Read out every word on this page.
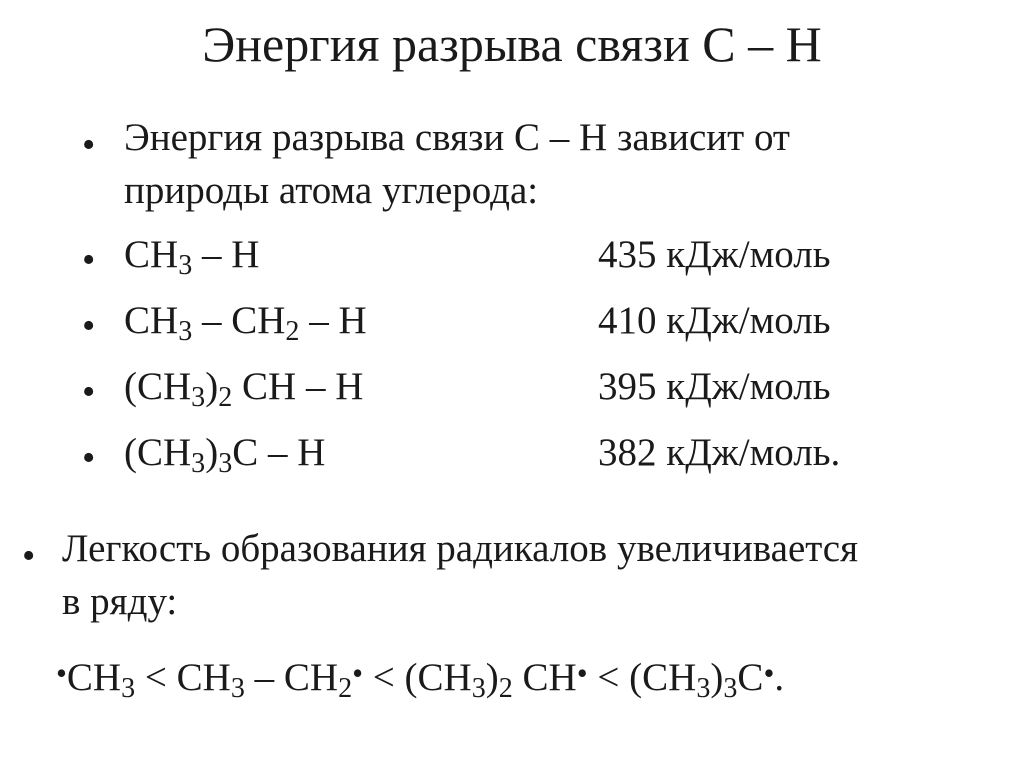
Энергия разрыва связи С – Н
• Энергия разрыва связи С – Н зависит от
природы атома углерода:
• $CH_3$ – H	435 кДж/моль
• $CH_3 - CH_2$ – H	410 кДж/моль
• $(CH_3)_2$ CH – H	395 кДж/моль
• $(CH_3)_3C$ – H	382 кДж/моль.
• Легкость образования радикалов увеличивается
в ряду:
$•CH_3 < CH_3$ – $CH_2• < (CH_3)_2$ CH• < $(CH_3)_3C•$.
